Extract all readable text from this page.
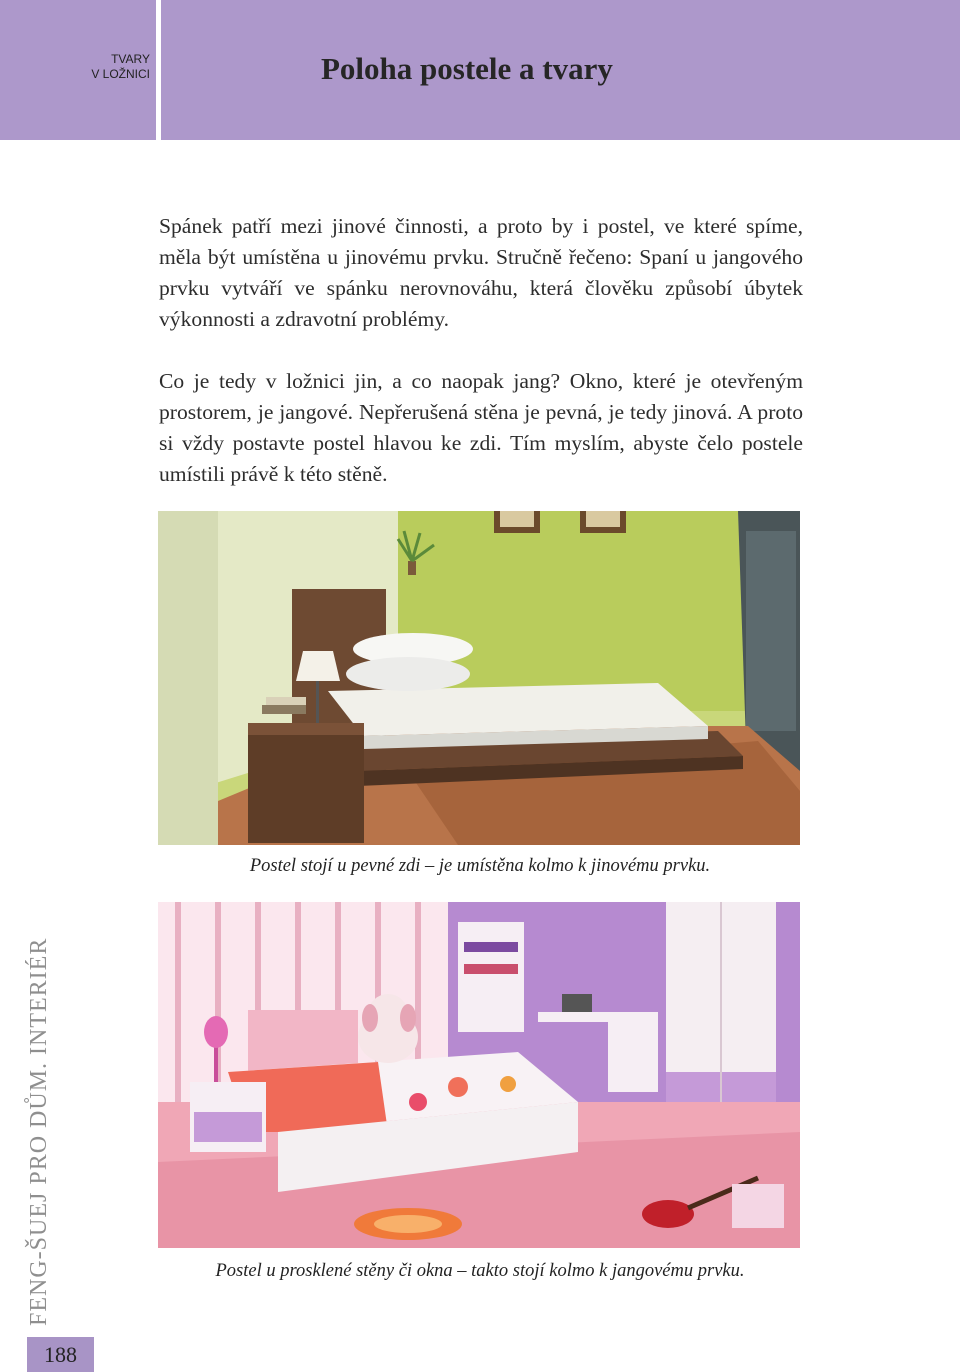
TVARY
V LOŽNICI	Poloha postele a tvary

Spánek patří mezi jinové činnosti, a proto by i postel, ve které spíme, měla být umístěna u jinovému prvku. Stručně řečeno: Spaní u jangového prvku vytváří ve spánku nerovnováhu, která člověku způsobí úbytek výkonnosti a zdravotní problémy.

Co je tedy v ložnici jin, a co naopak jang? Okno, které je otevřeným prostorem, je jangové. Nepřerušená stěna je pevná, je tedy jinová. A proto si vždy postavte postel hlavou ke zdi. Tím myslím, abyste čelo postele umístili právě k této stěně.

Postel stojí u pevné zdi – je umístěna kolmo k jinovému prvku.
Postel u prosklené stěny či okna – takto stojí kolmo k jangovému prvku.
FENG-ŠUEJ PRO DŮM. INTERIÉR
188
